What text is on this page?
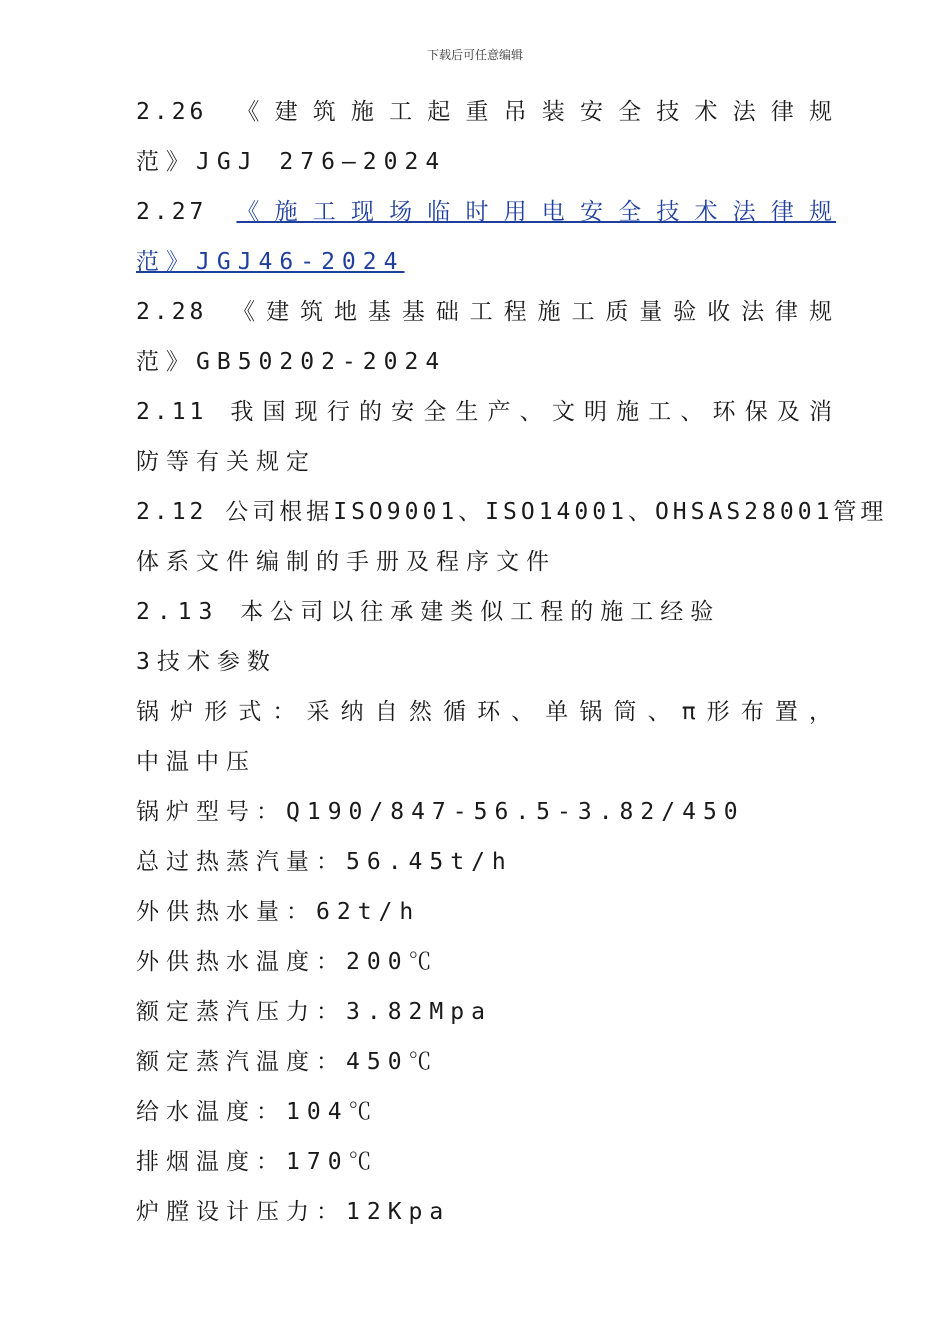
下载后可任意编辑
2.26 《建筑施工起重吊装安全技术法律规
范》JGJ 276—2024
2.27 《施工现场临时用电安全技术法律规
范》JGJ46-2024
2.28 《建筑地基基础工程施工质量验收法律规
范》GB50202-2024
2.11 我国现行的安全生产、文明施工、环保及消
防等有关规定
2.12 公司根据ISO9001、ISO14001、OHSAS28001管理
体系文件编制的手册及程序文件
2.13 本公司以往承建类似工程的施工经验
3技术参数
锅炉形式：采纳自然循环、单锅筒、π形布置，
中温中压
锅炉型号：Q190/847-56.5-3.82/450
总过热蒸汽量：56.45t/h
外供热水量：62t/h
外供热水温度：200℃
额定蒸汽压力：3.82Mpa
额定蒸汽温度：450℃
给水温度：104℃
排烟温度：170℃
炉膛设计压力：12Kpa
